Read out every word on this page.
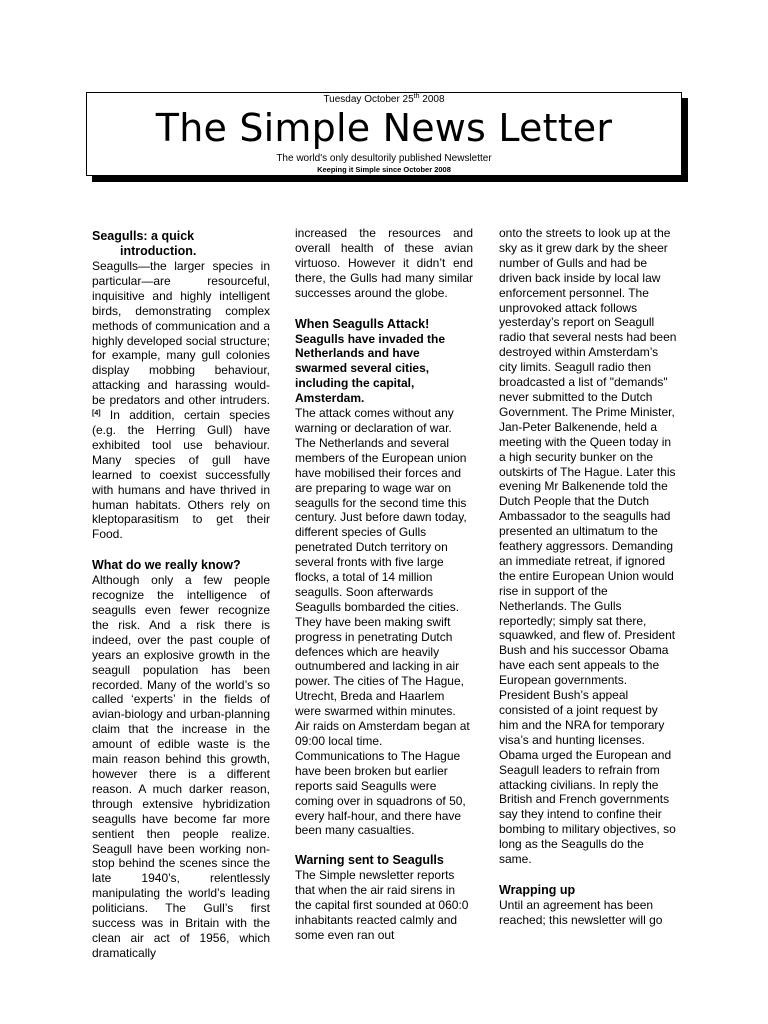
Tuesday October 25th 2008
The Simple News Letter
The world's only desultorily published Newsletter
Keeping it Simple since October 2008
Seagulls: a quick
introduction.

Seagulls—the larger species in particular—are resourceful, inquisitive and highly intelligent birds, demonstrating complex methods of communication and a highly developed social structure; for example, many gull colonies display mobbing behaviour, attacking and harassing would-be predators and other intruders.[4] In addition, certain species (e.g. the Herring Gull) have exhibited tool use behaviour. Many species of gull have learned to coexist successfully with humans and have thrived in human habitats. Others rely on kleptoparasitism to get their Food.

What do we really know?

Although only a few people recognize the intelligence of seagulls even fewer recognize the risk. And a risk there is indeed, over the past couple of years an explosive growth in the seagull population has been recorded. Many of the world’s so called ‘experts’ in the fields of avian-biology and urban-planning claim that the increase in the amount of edible waste is the main reason behind this growth, however there is a different reason. A much darker reason, through extensive hybridization seagulls have become far more sentient then people realize. Seagull have been working non-stop behind the scenes since the late 1940’s, relentlessly manipulating the world’s leading politicians. The Gull’s first success was in Britain with the clean air act of 1956, which dramatically

increased the resources and overall health of these avian virtuoso. However it didn’t end there, the Gulls had many similar successes around the globe.

When Seagulls Attack!

Seagulls have invaded the Netherlands and have swarmed several cities, including the capital, Amsterdam.

The attack comes without any warning or declaration of war. The Netherlands and several members of the European union have mobilised their forces and are preparing to wage war on seagulls for the second time this century. Just before dawn today, different species of Gulls penetrated Dutch territory on several fronts with five large flocks, a total of 14 million seagulls. Soon afterwards Seagulls bombarded the cities. They have been making swift progress in penetrating Dutch defences which are heavily outnumbered and lacking in air power. The cities of The Hague, Utrecht, Breda and Haarlem were swarmed within minutes. Air raids on Amsterdam began at 09:00 local time. Communications to The Hague have been broken but earlier reports said Seagulls were coming over in squadrons of 50, every half-hour, and there have been many casualties.

Warning sent to Seagulls

The Simple newsletter reports that when the air raid sirens in the capital first sounded at 060:0 inhabitants reacted calmly and some even ran out

onto the streets to look up at the sky as it grew dark by the sheer number of Gulls and had be driven back inside by local law enforcement personnel. The unprovoked attack follows yesterday’s report on Seagull radio that several nests had been destroyed within Amsterdam’s city limits. Seagull radio then broadcasted a list of "demands" never submitted to the Dutch Government. The Prime Minister, Jan-Peter Balkenende, held a meeting with the Queen today in a high security bunker on the outskirts of The Hague. Later this evening Mr Balkenende told the Dutch People that the Dutch Ambassador to the seagulls had presented an ultimatum to the feathery aggressors. Demanding an immediate retreat, if ignored the entire European Union would rise in support of the Netherlands. The Gulls reportedly; simply sat there, squawked, and flew of. President Bush and his successor Obama have each sent appeals to the European governments. President Bush’s appeal consisted of a joint request by him and the NRA for temporary visa’s and hunting licenses. Obama urged the European and Seagull leaders to refrain from attacking civilians. In reply the British and French governments say they intend to confine their bombing to military objectives, so long as the Seagulls do the same.

Wrapping up

Until an agreement has been reached; this newsletter will go
